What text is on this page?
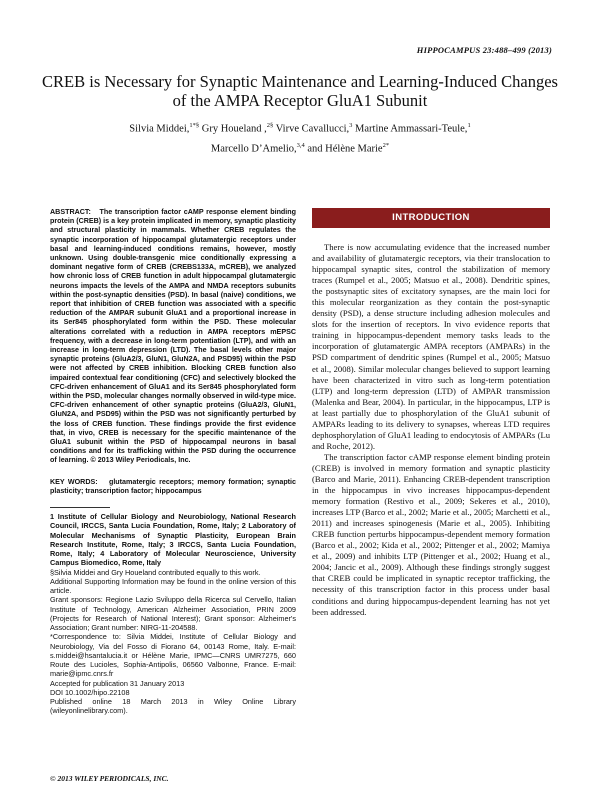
HIPPOCAMPUS 23:488–499 (2013)
CREB is Necessary for Synaptic Maintenance and Learning-Induced Changes of the AMPA Receptor GluA1 Subunit
Silvia Middei,$^{1*\S}$ Gry Houeland ,$^{2\S}$ Virve Cavallucci,$^3$ Martine Ammassari-Teule,$^1$
Marcello D’Amelio,$^{3,4}$ and Hélène Marie$^{2*}$

ABSTRACT: The transcription factor cAMP response element binding protein (CREB) is a key protein implicated in memory, synaptic plasticity and structural plasticity in mammals. Whether CREB regulates the synaptic incorporation of hippocampal glutamatergic receptors under basal and learning-induced conditions remains, however, mostly unknown. Using double-transgenic mice conditionally expressing a dominant negative form of CREB (CREBS133A, mCREB), we analyzed how chronic loss of CREB function in adult hippocampal glutamatergic neurons impacts the levels of the AMPA and NMDA receptors subunits within the post-synaptic densities (PSD). In basal (naive) conditions, we report that inhibition of CREB function was associated with a specific reduction of the AMPAR subunit GluA1 and a proportional increase in its Ser845 phosphorylated form within the PSD. These molecular alterations correlated with a reduction in AMPA receptors mEPSC frequency, with a decrease in long-term potentiation (LTP), and with an increase in long-term depression (LTD). The basal levels other major synaptic proteins (GluA2/3, GluN1, GluN2A, and PSD95) within the PSD were not affected by CREB inhibition. Blocking CREB function also impaired contextual fear conditioning (CFC) and selectively blocked the CFC-driven enhancement of GluA1 and its Ser845 phosphorylated form within the PSD, molecular changes normally observed in wild-type mice. CFC-driven enhancement of other synaptic proteins (GluA2/3, GluN1, GluN2A, and PSD95) within the PSD was not significantly perturbed by the loss of CREB function. These findings provide the first evidence that, in vivo, CREB is necessary for the specific maintenance of the GluA1 subunit within the PSD of hippocampal neurons in basal conditions and for its trafficking within the PSD during the occurrence of learning. © 2013 Wiley Periodicals, Inc.

KEY WORDS: glutamatergic receptors; memory formation; synaptic plasticity; transcription factor; hippocampus

1 Institute of Cellular Biology and Neurobiology, National Research Council, IRCCS, Santa Lucia Foundation, Rome, Italy; 2 Laboratory of Molecular Mechanisms of Synaptic Plasticity, European Brain Research Institute, Rome, Italy; 3 IRCCS, Santa Lucia Foundation, Rome, Italy; 4 Laboratory of Molecular Neuroscience, University Campus Biomedico, Rome, Italy

§Silvia Middei and Gry Houeland contributed equally to this work.

Additional Supporting Information may be found in the online version of this article.

Grant sponsors: Regione Lazio Sviluppo della Ricerca sul Cervello, Italian Institute of Technology, American Alzheimer Association, PRIN 2009 (Projects for Research of National Interest); Grant sponsor: Alzheimer's Association; Grant number: NIRG-11-204588.

*Correspondence to: Silvia Middei, Institute of Cellular Biology and Neurobiology, Via del Fosso di Fiorano 64, 00143 Rome, Italy. E-mail: s.middei@hsantalucia.it or Hélène Marie, IPMC—CNRS UMR7275, 660 Route des Lucioles, Sophia-Antipolis, 06560 Valbonne, France. E-mail: marie@ipmc.cnrs.fr

Accepted for publication 31 January 2013

DOI 10.1002/hipo.22108

Published online 18 March 2013 in Wiley Online Library (wileyonlinelibrary.com).

© 2013 WILEY PERIODICALS, INC.
INTRODUCTION

There is now accumulating evidence that the increased number and availability of glutamatergic receptors, via their translocation to hippocampal synaptic sites, control the stabilization of memory traces (Rumpel et al., 2005; Matsuo et al., 2008). Dendritic spines, the postsynaptic sites of excitatory synapses, are the main loci for this molecular reorganization as they contain the post-synaptic density (PSD), a dense structure including adhesion molecules and slots for the insertion of receptors. In vivo evidence reports that training in hippocampus-dependent memory tasks leads to the incorporation of glutamatergic AMPA receptors (AMPARs) in the PSD compartment of dendritic spines (Rumpel et al., 2005; Matsuo et al., 2008). Similar molecular changes believed to support learning have been characterized in vitro such as long-term potentiation (LTP) and long-term depression (LTD) of AMPAR transmission (Malenka and Bear, 2004). In particular, in the hippocampus, LTP is at least partially due to phosphorylation of the GluA1 subunit of AMPARs leading to its delivery to synapses, whereas LTD requires dephosphorylation of GluA1 leading to endocytosis of AMPARs (Lu and Roche, 2012).

The transcription factor cAMP response element binding protein (CREB) is involved in memory formation and synaptic plasticity (Barco and Marie, 2011). Enhancing CREB-dependent transcription in the hippocampus in vivo increases hippocampus-dependent memory formation (Restivo et al., 2009; Sekeres et al., 2010), increases LTP (Barco et al., 2002; Marie et al., 2005; Marchetti et al., 2011) and increases spinogenesis (Marie et al., 2005). Inhibiting CREB function perturbs hippocampus-dependent memory formation (Barco et al., 2002; Kida et al., 2002; Pittenger et al., 2002; Mamiya et al., 2009) and inhibits LTP (Pittenger et al., 2002; Huang et al., 2004; Jancic et al., 2009). Although these findings strongly suggest that CREB could be implicated in synaptic receptor trafficking, the necessity of this transcription factor in this process under basal conditions and during hippocampus-dependent learning has not yet been addressed.
